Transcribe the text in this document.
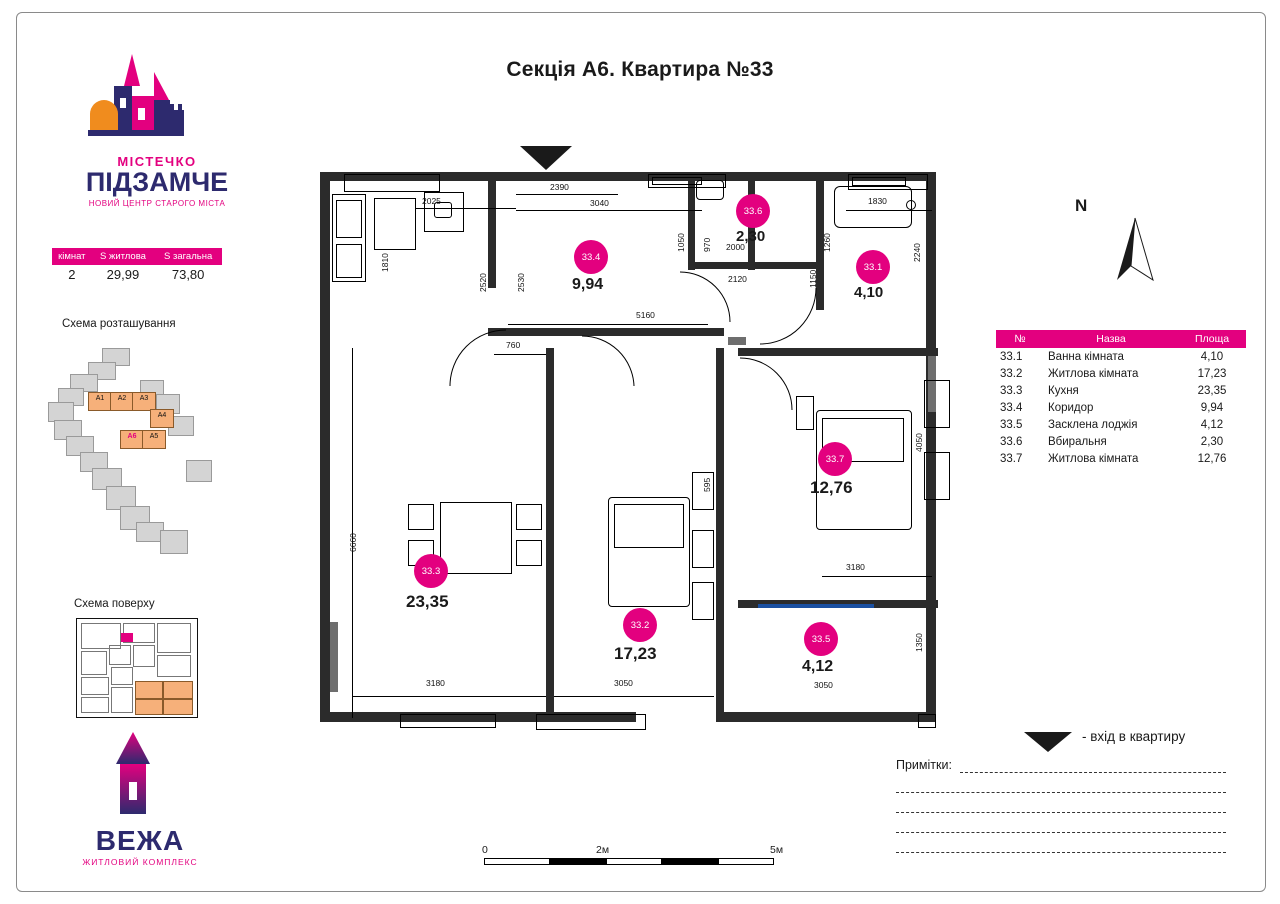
Секція А6. Квартира №33
МІСТЕЧКО
ПІДЗАМЧЕ
НОВИЙ ЦЕНТР СТАРОГО МІСТА
кімнат	S житлова	S загальна
2	29,99	73,80
Схема розташування
A1	A2	A3
A4
A6	A5
Схема поверху
ВЕЖА
ЖИТЛОВИЙ КОМПЛЕКС
№	Назва	Площа
33.1	Ванна кімната	4,10
33.2	Житлова кімната	17,23
33.3	Кухня	23,35
33.4	Коридор	9,94
33.5	Засклена лоджія	4,12
33.6	Вбиральня	2,30
33.7	Житлова кімната	12,76
N
33.3
23,35
33.4
9,94
33.6
2,30
33.1
4,10
33.2
17,23
33.7
12,76
33.5
4,12
2025
2390
3040	1830
1810
2520	2530
1050 970	1260
2000	2240
5160
2120	1150
760
6660
4050
595
3180
3180	3050	3050
1350
- вхід в квартиру
Примітки:
0	2м	5м
